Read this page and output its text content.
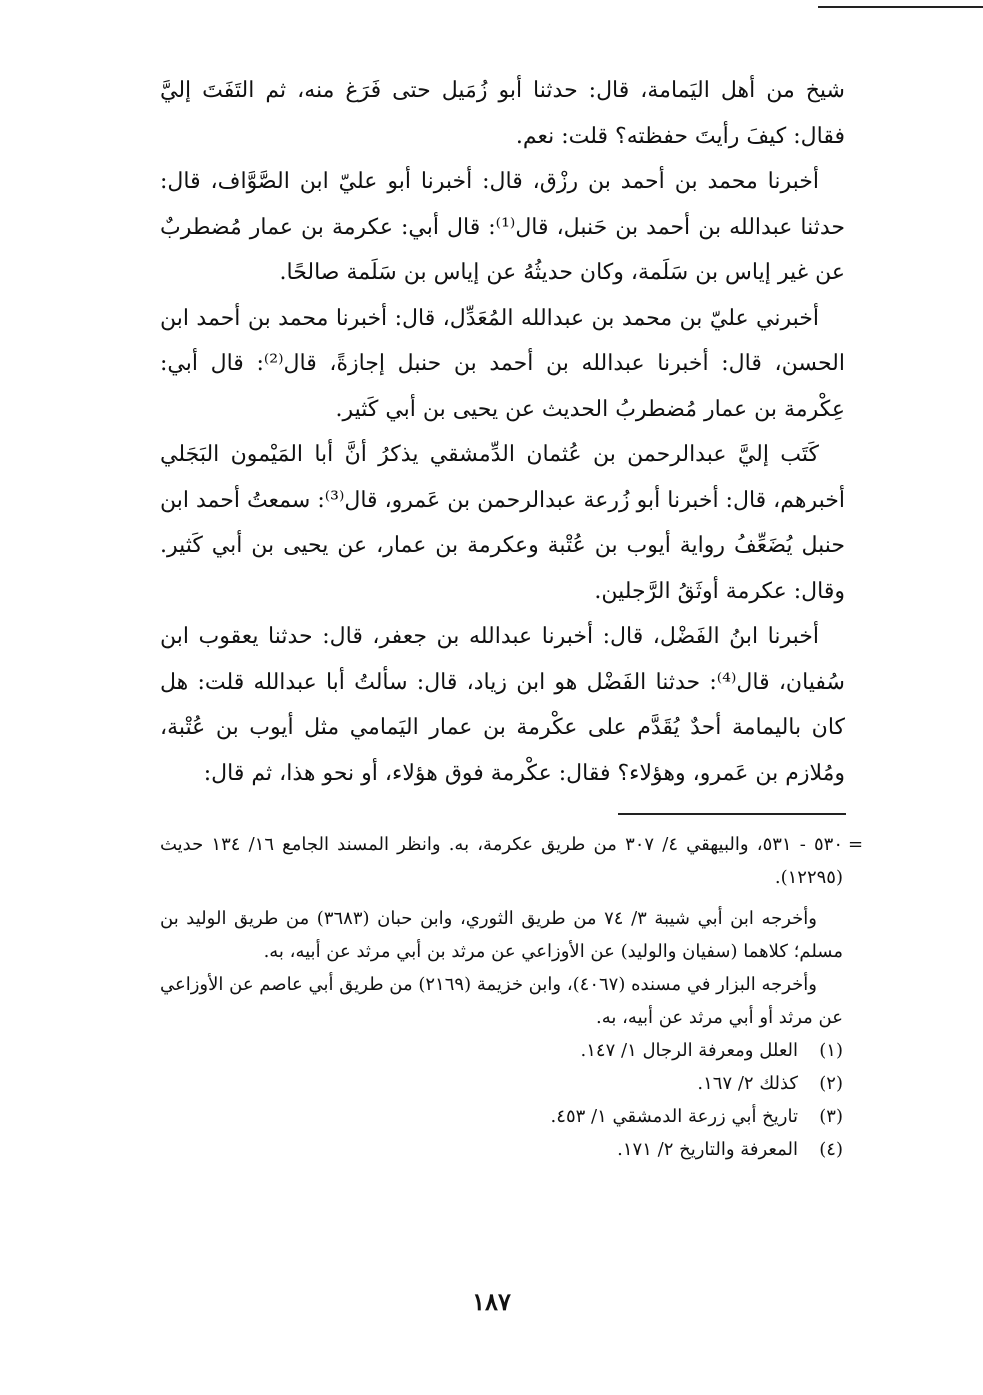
شيخ من أهل اليَمامة، قال: حدثنا أبو زُمَيل حتى فَرَغ منه، ثم التَفَتَ إليَّ فقال: كيفَ رأيتَ حفظته؟ قلت: نعم.

أخبرنا محمد بن أحمد بن رزْق، قال: أخبرنا أبو عليّ ابن الصَّوَّاف، قال: حدثنا عبدالله بن أحمد بن حَنبل، قال⁽¹⁾: قال أبي: عكرمة بن عمار مُضطربٌ عن غير إياس بن سَلَمة، وكان حديثُهُ عن إياس بن سَلَمة صالحًا.

أخبرني عليّ بن محمد بن عبدالله المُعَدِّل، قال: أخبرنا محمد بن أحمد ابن الحسن، قال: أخبرنا عبدالله بن أحمد بن حنبل إجازةً، قال⁽²⁾: قال أبي: عِكْرمة بن عمار مُضطربُ الحديث عن يحيى بن أبي كَثير.

كَتَب إليَّ عبدالرحمن بن عُثمان الدِّمشقي يذكرُ أنَّ أبا المَيْمون البَجَلي أخبرهم، قال: أخبرنا أبو زُرعة عبدالرحمن بن عَمرو، قال⁽³⁾: سمعتُ أحمد ابن حنبل يُضَعِّفُ رواية أيوب بن عُتْبة وعكرمة بن عمار، عن يحيى بن أبي كَثير. وقال: عكرمة أوثَقُ الرَّجلين.

أخبرنا ابنُ الفَضْل، قال: أخبرنا عبدالله بن جعفر، قال: حدثنا يعقوب ابن سُفيان، قال⁽⁴⁾: حدثنا الفَضْل هو ابن زياد، قال: سألتُ أبا عبدالله قلت: هل كان باليمامة أحدٌ يُقَدَّم على عكْرمة بن عمار اليَمامي مثل أيوب بن عُتْبة، ومُلازم بن عَمرو، وهؤلاء؟ فقال: عكْرمة فوق هؤلاء، أو نحو هذا، ثم قال:

=

٥٣٠ - ٥٣١، والبيهقي ٤/ ٣٠٧ من طريق عكرمة، به. وانظر المسند الجامع ١٦/ ١٣٤ حديث (١٢٢٩٥).

وأخرجه ابن أبي شيبة ٣/ ٧٤ من طريق الثوري، وابن حبان (٣٦٨٣) من طريق الوليد بن مسلم؛ كلاهما (سفيان والوليد) عن الأوزاعي عن مرثد بن أبي مرثد عن أبيه، به.

وأخرجه البزار في مسنده (٤٠٦٧)، وابن خزيمة (٢١٦٩) من طريق أبي عاصم عن الأوزاعي عن مرثد أو أبي مرثد عن أبيه، به.

(١)
العلل ومعرفة الرجال ١/ ١٤٧.
(٢)
كذلك ٢/ ١٦٧.
(٣)
تاريخ أبي زرعة الدمشقي ١/ ٤٥٣.
(٤)
المعرفة والتاريخ ٢/ ١٧١.
١٨٧
